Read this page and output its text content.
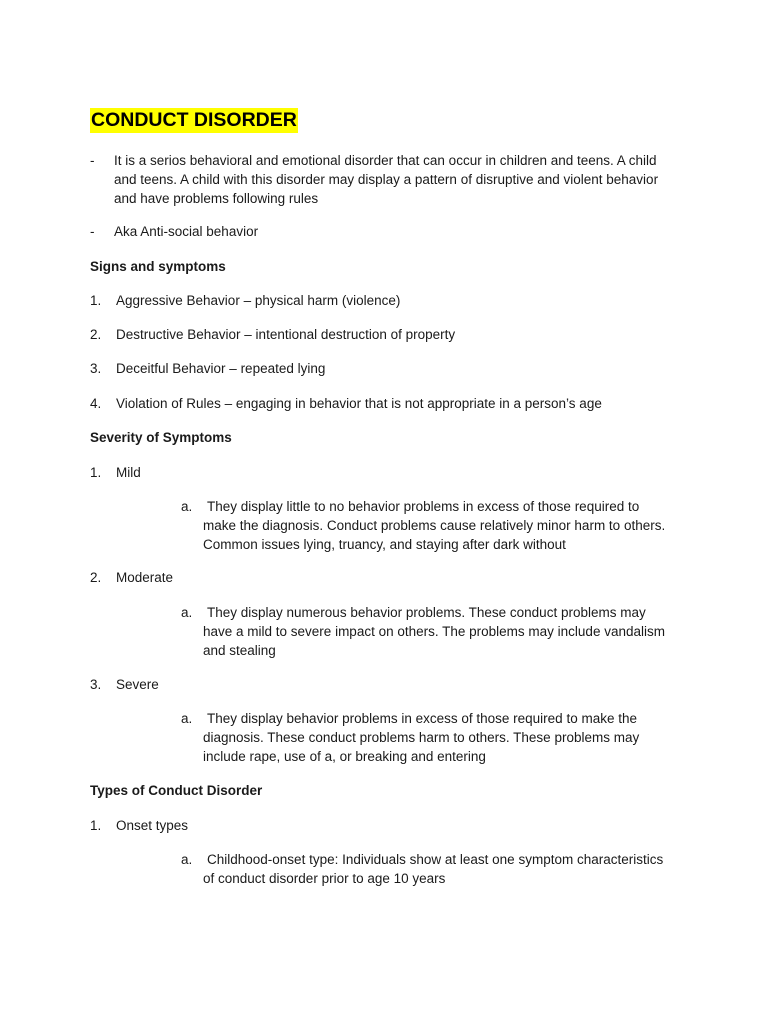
CONDUCT DISORDER
- It is a serios behavioral and emotional disorder that can occur in children and teens. A child
and teens. A child with this disorder may display a pattern of disruptive and violent behavior
and have problems following rules
- Aka Anti-social behavior
Signs and symptoms
1.	Aggressive Behavior – physical harm (violence)
2.	Destructive Behavior – intentional destruction of property
3.	Deceitful Behavior – repeated lying
4.	Violation of Rules – engaging in behavior that is not appropriate in a person’s age
Severity of Symptoms
1.	Mild
a.	They display little to no behavior problems in excess of those required to
make the diagnosis. Conduct problems cause relatively minor harm to others.
Common issues lying, truancy, and staying after dark without
2.	Moderate
a.	They display numerous behavior problems. These conduct problems may
have a mild to severe impact on others. The problems may include vandalism
and stealing
3.	Severe
a.	They display behavior problems in excess of those required to make the
diagnosis. These conduct problems harm to others. These problems may
include rape, use of a, or breaking and entering
Types of Conduct Disorder
1.	Onset types
a.	Childhood-onset type: Individuals show at least one symptom characteristics
of conduct disorder prior to age 10 years
